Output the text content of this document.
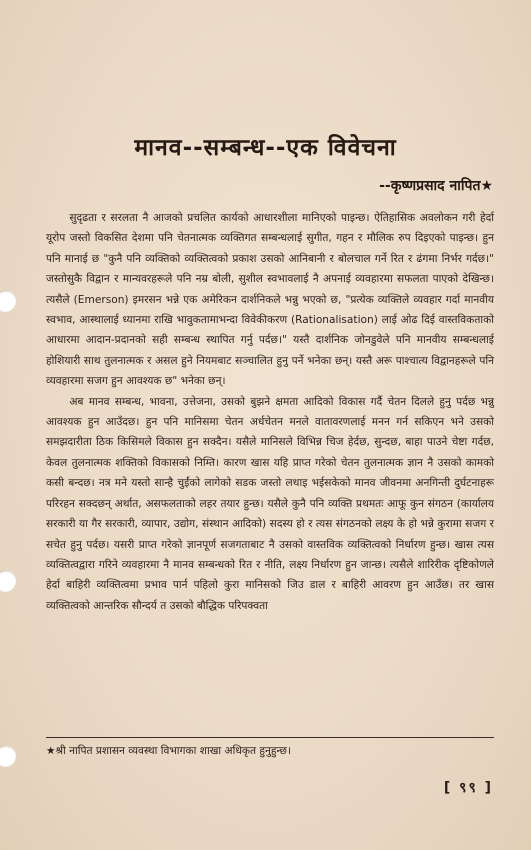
मानव--सम्बन्ध--एक विवेचना
--कृष्णप्रसाद नापित★

सुदृढता र सरलता नै आजको प्रचलित कार्यको आधारशीला मानिएको पाइन्छ। ऐतिहासिक अवलोकन गरी हेर्दा यूरोप जस्तो विकसित देशमा पनि चेतनात्मक व्यक्तिगत सम्बन्धलाई सुगीत, गहन र मौलिक रुप दिइएको पाइन्छ। हुन पनि मानाई छ "कुनै पनि व्यक्तिको व्यक्तित्वको प्रकाश उसको आनिबानी र बोलचाल गर्ने रित र ढंगमा निर्भर गर्दछ।" जस्तोसुकै विद्वान र मान्यवरहरूले पनि नम्र बोली, सुशील स्वभावलाई नै अपनाई व्यवहारमा सफलता पाएको देखिन्छ। त्यसैले (Emerson) इमरसन भन्ने एक अमेरिकन दार्शनिकले भन्नु भएको छ, "प्रत्येक व्यक्तिले व्यवहार गर्दा मानवीय स्वभाव, आस्थालाई ध्यानमा राखि भावुकतामाभन्दा विवेकीकरण (Rationalisation) लाई ओढ दिई वास्तविकताको आधारमा आदान-प्रदानको सही सम्बन्ध स्थापित गर्नु पर्दछ।" यस्तै दार्शनिक जोनडुवेले पनि मानवीय सम्बन्धलाई होशियारी साथ तुलनात्मक र असल हुने नियमबाट सञ्चालित हुनु पर्ने भनेका छन्। यस्तै अरू पाश्चात्य विद्वानहरूले पनि व्यवहारमा सजग हुन आवश्यक छ" भनेका छन्।

अब मानव सम्बन्ध, भावना, उत्तेजना, उसको बुझने क्षमता आदिको विकास गर्दै चेतन दिलले हुनु पर्दछ भन्नु आवश्यक हुन आउँदछ। हुन पनि मानिसमा चेतन अर्धचेतन मनले वातावरणलाई मनन गर्न सकिएन भने उसको समझदारीता ठिक किसिमले विकास हुन सक्दैन। यसैले मानिसले विभिन्न चिज हेर्दछ, सुन्दछ, बाहा पाउने चेष्टा गर्दछ, केवल तुलनात्मक शक्तिको विकासको निम्ति। कारण खास यहि प्राप्त गरेको चेतन तुलनात्मक ज्ञान नै उसको कामको कसी बन्दछ। नत्र मने यस्तो सान्है चुईंको लागेको सडक जस्तो लथाइ भईसकेको मानव जीवनमा अनगिन्ती दुर्घटनाहरू परिरहन सक्दछन् अर्थात, असफलताको लहर तयार हुन्छ। यसैले कुनै पनि व्यक्ति प्रथमतः आफू कुन संगठन (कार्यालय सरकारी या गैर सरकारी, व्यापार, उद्योग, संस्थान आदिको) सदस्य हो र त्यस संगठनको लक्ष्य के हो भन्ने कुरामा सजग र सचेत हुनु पर्दछ। यसरी प्राप्त गरेको ज्ञानपूर्ण सजगताबाट नै उसको वास्तविक व्यक्तित्वको निर्धारण हुन्छ। खास त्यस व्यक्तित्वद्वारा गरिने व्यवहारमा नै मानव सम्बन्धको रित र नीति, लक्ष्य निर्धारण हुन जान्छ। त्यसैले शारिरीक दृष्टिकोणले हेर्दा बाहिरी व्यक्तित्वमा प्रभाव पार्न पहिलो कुरा मानिसको जिउ डाल र बाहिरी आवरण हुन आउँछ। तर खास व्यक्तित्वको आन्तरिक सौन्दर्य त उसको बौद्धिक परिपक्वता

★श्री नापित प्रशासन व्यवस्था विभागका शाखा अधिकृत हुनुहुन्छ।
[ ९९ ]
